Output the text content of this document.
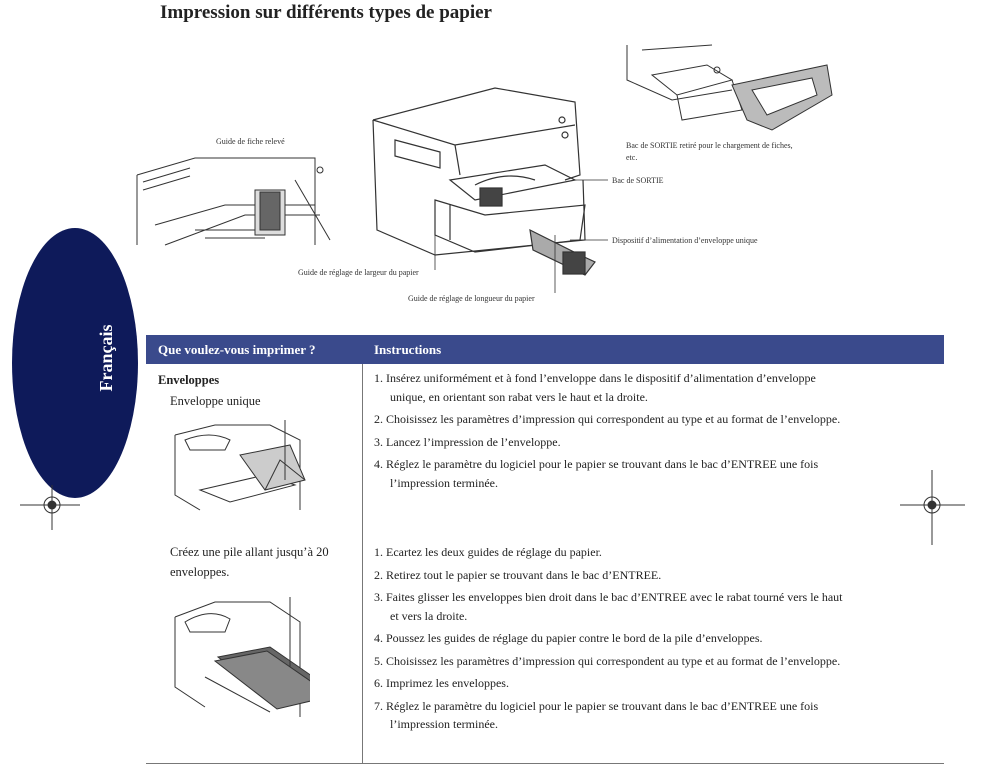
Impression sur différents types de papier
Guide de fiche relevé
Bac de SORTIE
Dispositif d’alimentation d’enveloppe unique
Guide de réglage de largeur du papier
Guide de réglage de longueur du papier
Bac de SORTIE retiré pour le chargement de fiches, etc.
Français	Que voulez-vous imprimer ?	Instructions
Enveloppes
Enveloppe unique
Créez une pile allant jusqu’à 20
enveloppes.
1. Insérez uniformément et à fond l’enveloppe dans le dispositif d’alimentation d’enveloppe unique, en orientant son rabat vers le haut et la droite.
2. Choisissez les paramètres d’impression qui correspondent au type et au format de l’enveloppe.
3. Lancez l’impression de l’enveloppe.
4. Réglez le paramètre du logiciel pour le papier se trouvant dans le bac d’ENTREE une fois l’impression terminée.
1. Ecartez les deux guides de réglage du papier.
2. Retirez tout le papier se trouvant dans le bac d’ENTREE.
3. Faites glisser les enveloppes bien droit dans le bac d’ENTREE avec le rabat tourné vers le haut et vers la droite.
4. Poussez les guides de réglage du papier contre le bord de la pile d’enveloppes.
5. Choisissez les paramètres d’impression qui correspondent au type et au format de l’enveloppe.
6. Imprimez les enveloppes.
7. Réglez le paramètre du logiciel pour le papier se trouvant dans le bac d’ENTREE une fois l’impression terminée.
